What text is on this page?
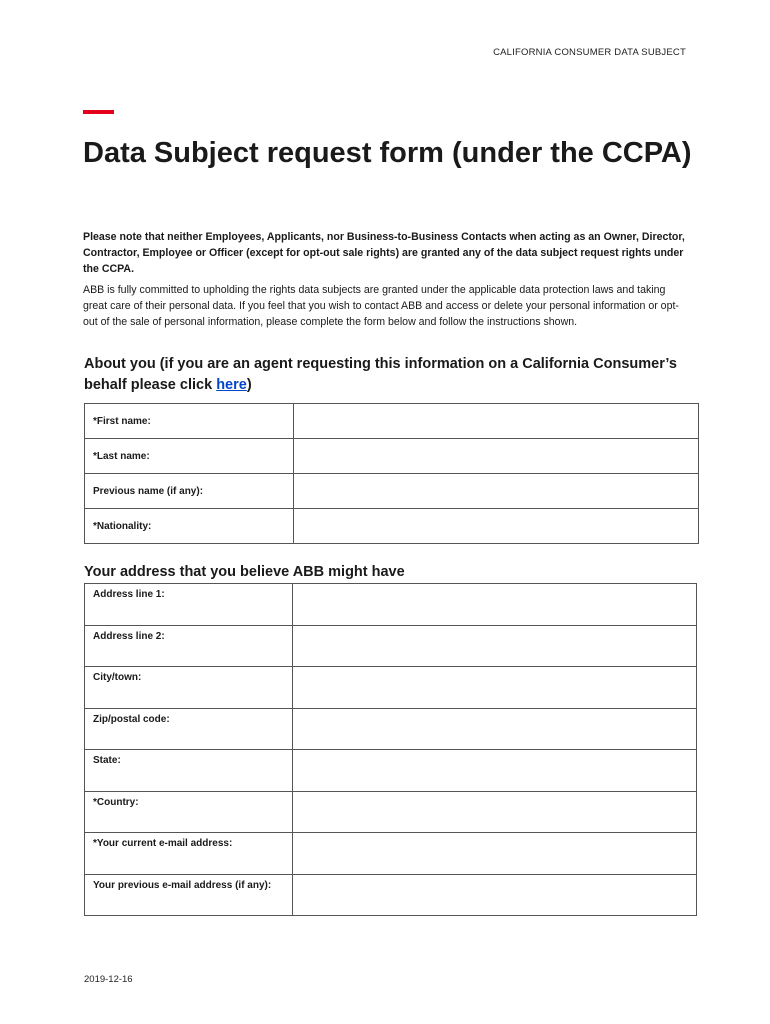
CALIFORNIA CONSUMER DATA SUBJECT
Data Subject request form (under the CCPA)
Please note that neither Employees, Applicants, nor Business-to-Business Contacts when acting as an Owner, Director, Contractor, Employee or Officer (except for opt-out sale rights) are granted any of the data subject request rights under the CCPA.
ABB is fully committed to upholding the rights data subjects are granted under the applicable data protection laws and taking great care of their personal data. If you feel that you wish to contact ABB and access or delete your personal information or opt-out of the sale of personal information, please complete the form below and follow the instructions shown.
About you (if you are an agent requesting this information on a California Consumer’s behalf please click here)
*First name:	
*Last name:	
Previous name (if any):	
*Nationality:	
Your address that you believe ABB might have
Address line 1:	
Address line 2:	
City/town:	
Zip/postal code:	
State:	
*Country:	
*Your current e-mail address:	
Your previous e-mail address (if any):	
2019-12-16
